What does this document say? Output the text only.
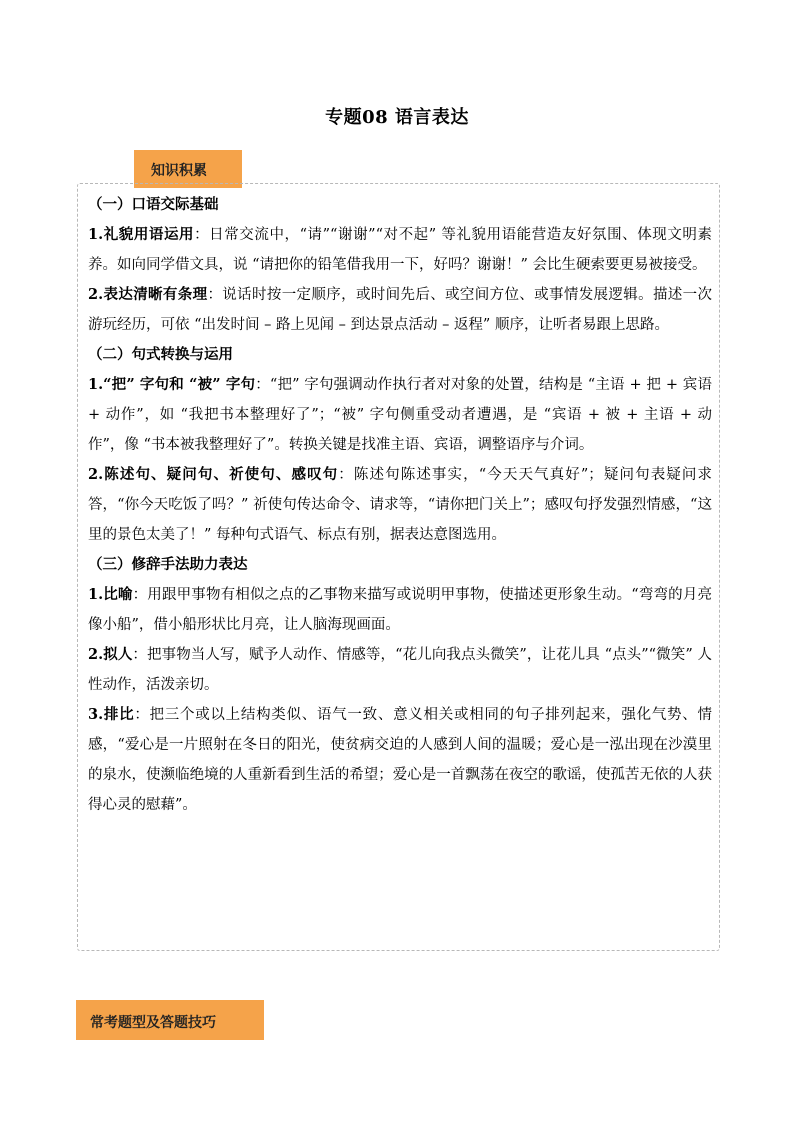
专题08 语言表达
知识积累

（一）口语交际基础

1.礼貌用语运用：日常交流中，“请”“谢谢”“对不起” 等礼貌用语能营造友好氛围、体现文明素养。如向同学借文具，说 “请把你的铅笔借我用一下，好吗？谢谢！” 会比生硬索要更易被接受。

2.表达清晰有条理：说话时按一定顺序，或时间先后、或空间方位、或事情发展逻辑。描述一次游玩经历，可依 “出发时间 – 路上见闻 – 到达景点活动 – 返程” 顺序，让听者易跟上思路。

（二）句式转换与运用

1.“把” 字句和 “被” 字句：“把” 字句强调动作执行者对对象的处置，结构是 “主语 + 把 + 宾语 + 动作”，如 “我把书本整理好了”；“被” 字句侧重受动者遭遇，是 “宾语 + 被 + 主语 + 动作”，像 “书本被我整理好了”。转换关键是找准主语、宾语，调整语序与介词。

2.陈述句、疑问句、祈使句、感叹句：陈述句陈述事实，“今天天气真好”；疑问句表疑问求答，“你今天吃饭了吗？” 祈使句传达命令、请求等，“请你把门关上”；感叹句抒发强烈情感，“这里的景色太美了！” 每种句式语气、标点有别，据表达意图选用。

（三）修辞手法助力表达

1.比喻：用跟甲事物有相似之点的乙事物来描写或说明甲事物，使描述更形象生动。“弯弯的月亮像小船”，借小船形状比月亮，让人脑海现画面。

2.拟人：把事物当人写，赋予人动作、情感等，“花儿向我点头微笑”，让花儿具 “点头”“微笑” 人性动作，活泼亲切。

3.排比：把三个或以上结构类似、语气一致、意义相关或相同的句子排列起来，强化气势、情感，“爱心是一片照射在冬日的阳光，使贫病交迫的人感到人间的温暖；爱心是一泓出现在沙漠里的泉水，使濒临绝境的人重新看到生活的希望；爱心是一首飘荡在夜空的歌谣，使孤苦无依的人获得心灵的慰藉”。

常考题型及答题技巧
